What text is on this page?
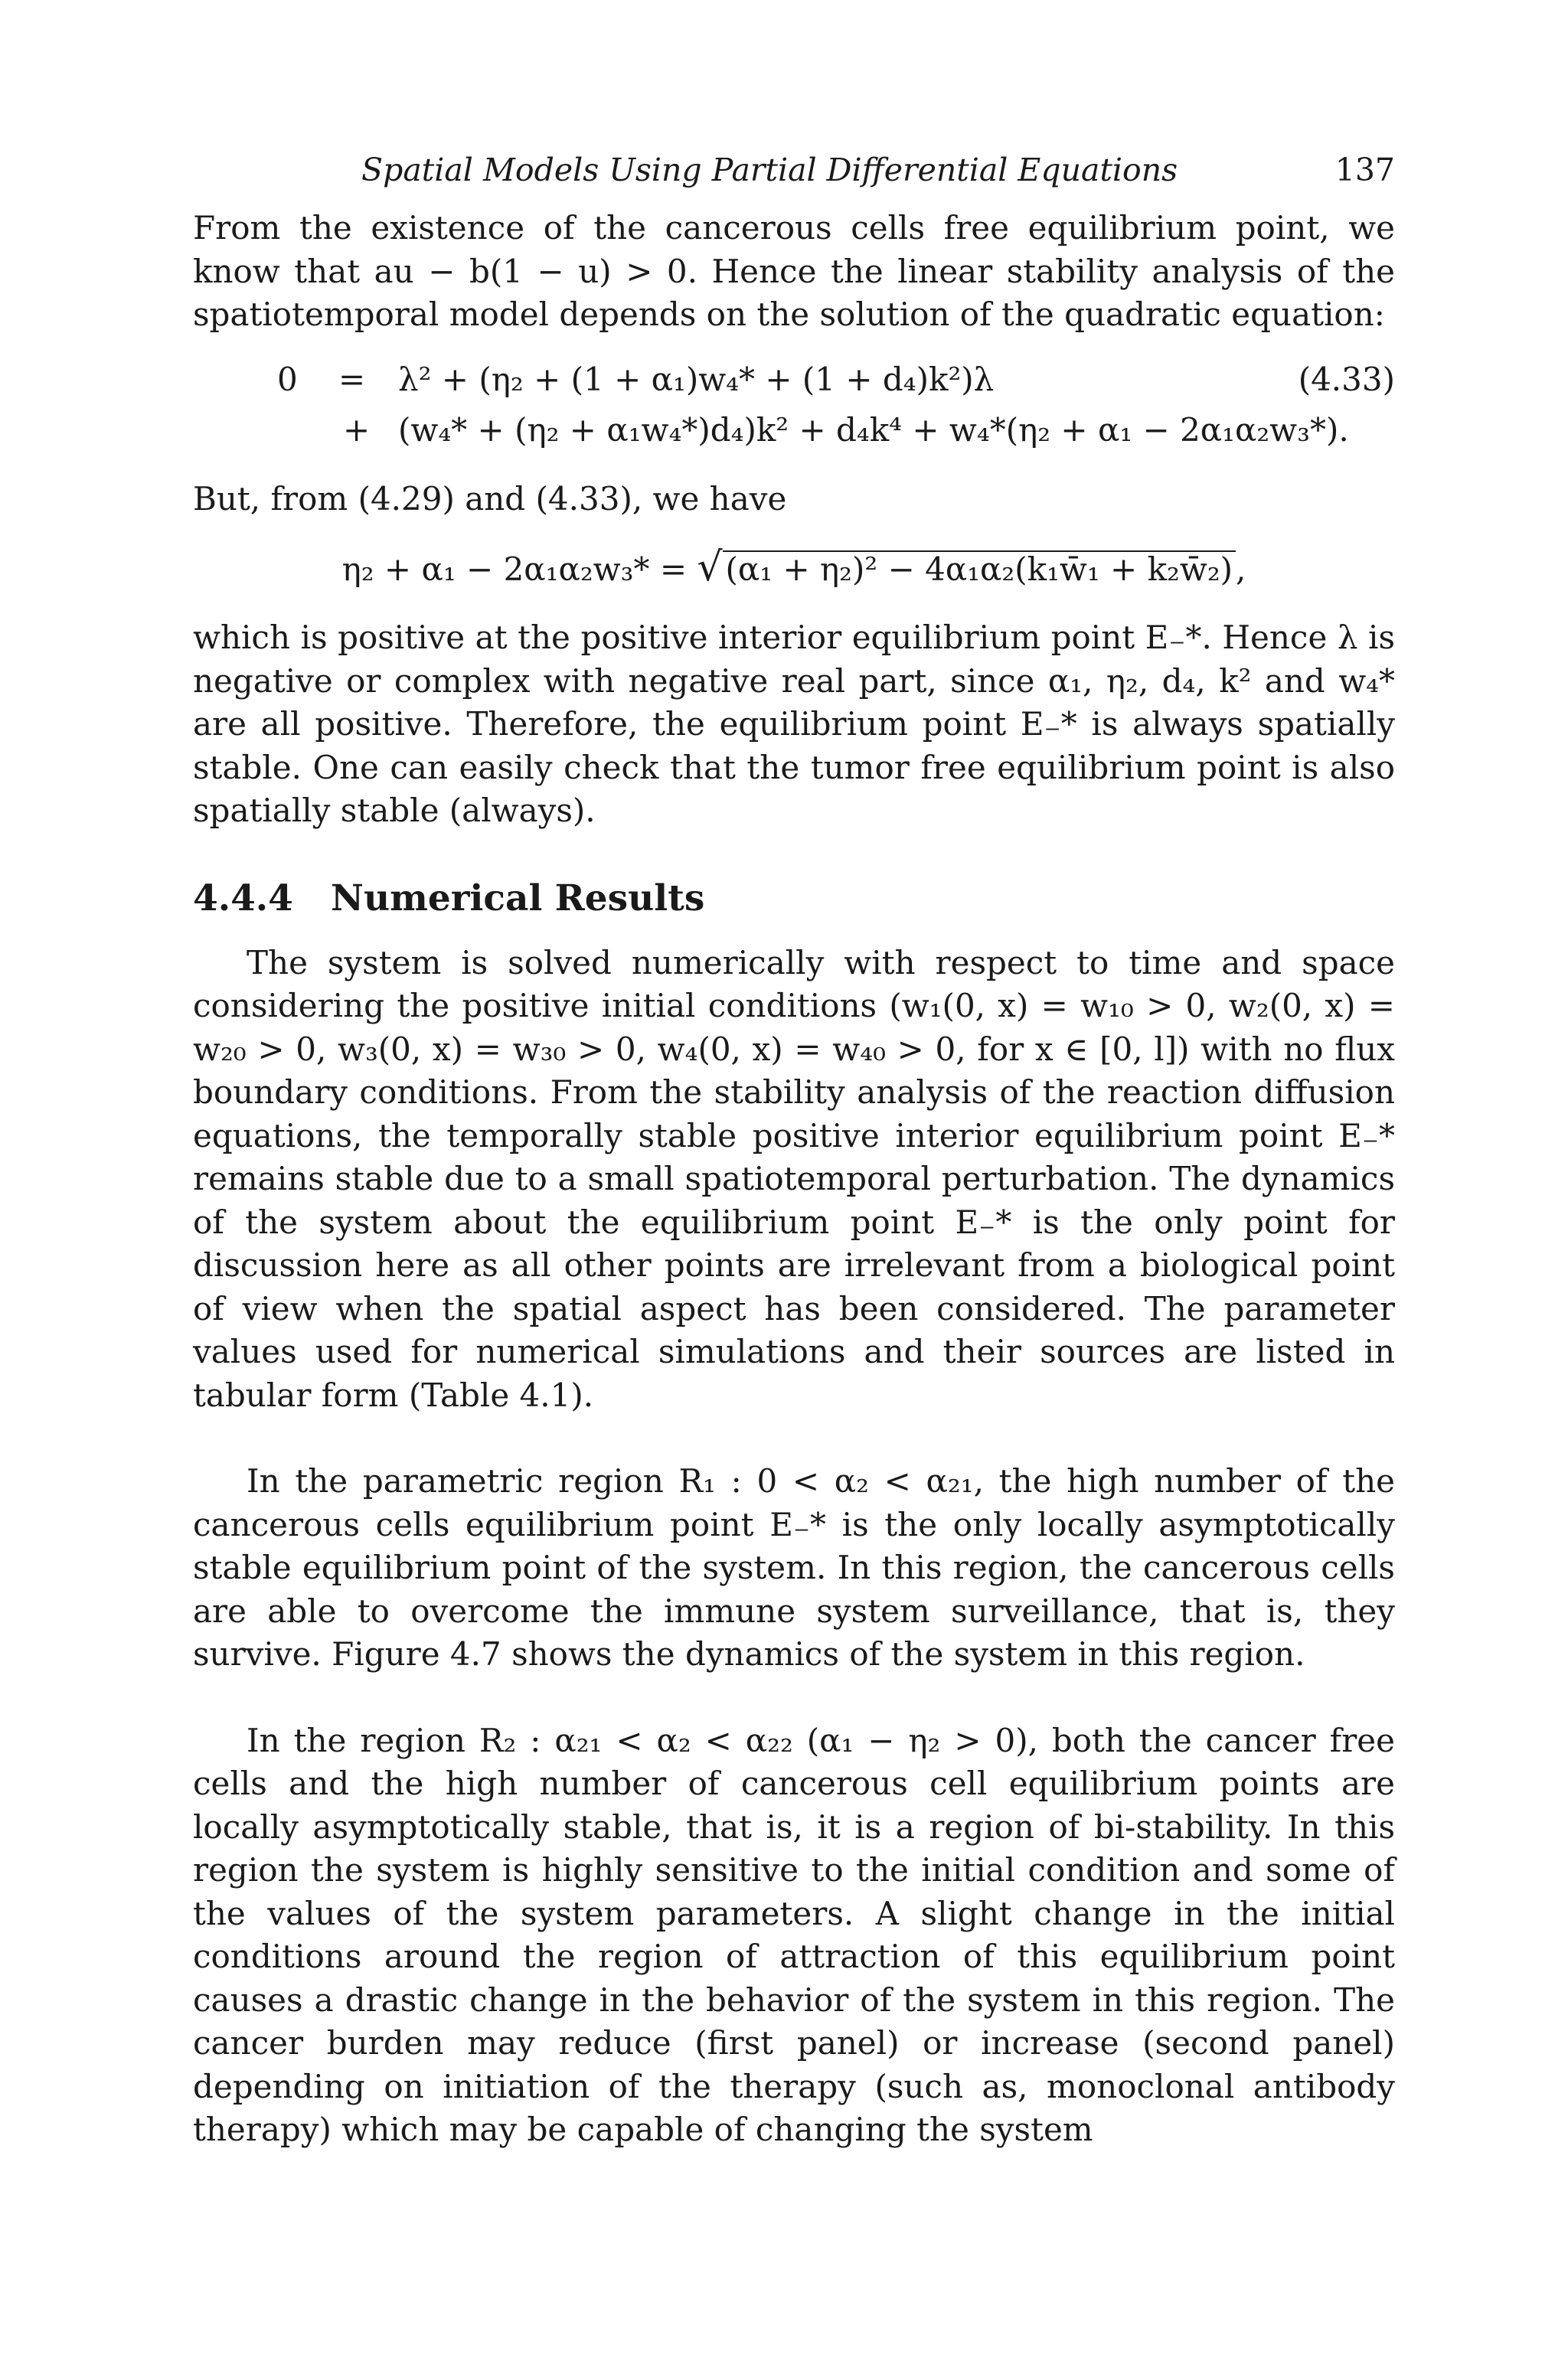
Spatial Models Using Partial Differential Equations	137

From the existence of the cancerous cells free equilibrium point, we know that au − b(1 − u) > 0. Hence the linear stability analysis of the spatiotemporal model depends on the solution of the quadratic equation:

0 = λ² + (η₂ + (1 + α₁)w₄* + (1 + d₄)k²)λ	(4.33)
+ (w₄* + (η₂ + α₁w₄*)d₄)k² + d₄k⁴ + w₄*(η₂ + α₁ − 2α₁α₂w₃*).

But, from (4.29) and (4.33), we have

η₂ + α₁ − 2α₁α₂w₃* = √(α₁ + η₂)² − 4α₁α₂(k₁w̄₁ + k₂w̄₂),

which is positive at the positive interior equilibrium point E₋*. Hence λ is negative or complex with negative real part, since α₁, η₂, d₄, k² and w₄* are all positive. Therefore, the equilibrium point E₋* is always spatially stable. One can easily check that the tumor free equilibrium point is also spatially stable (always).

4.4.4 Numerical Results

The system is solved numerically with respect to time and space considering the positive initial conditions (w₁(0, x) = w₁₀ > 0, w₂(0, x) = w₂₀ > 0, w₃(0, x) = w₃₀ > 0, w₄(0, x) = w₄₀ > 0, for x ∈ [0, l]) with no flux boundary conditions. From the stability analysis of the reaction diffusion equations, the temporally stable positive interior equilibrium point E₋* remains stable due to a small spatiotemporal perturbation. The dynamics of the system about the equilibrium point E₋* is the only point for discussion here as all other points are irrelevant from a biological point of view when the spatial aspect has been considered. The parameter values used for numerical simulations and their sources are listed in tabular form (Table 4.1).

In the parametric region R₁ : 0 < α₂ < α₂₁, the high number of the cancerous cells equilibrium point E₋* is the only locally asymptotically stable equilibrium point of the system. In this region, the cancerous cells are able to overcome the immune system surveillance, that is, they survive. Figure 4.7 shows the dynamics of the system in this region.

In the region R₂ : α₂₁ < α₂ < α₂₂ (α₁ − η₂ > 0), both the cancer free cells and the high number of cancerous cell equilibrium points are locally asymptotically stable, that is, it is a region of bi-stability. In this region the system is highly sensitive to the initial condition and some of the values of the system parameters. A slight change in the initial conditions around the region of attraction of this equilibrium point causes a drastic change in the behavior of the system in this region. The cancer burden may reduce (first panel) or increase (second panel) depending on initiation of the therapy (such as, monoclonal antibody therapy) which may be capable of changing the system
